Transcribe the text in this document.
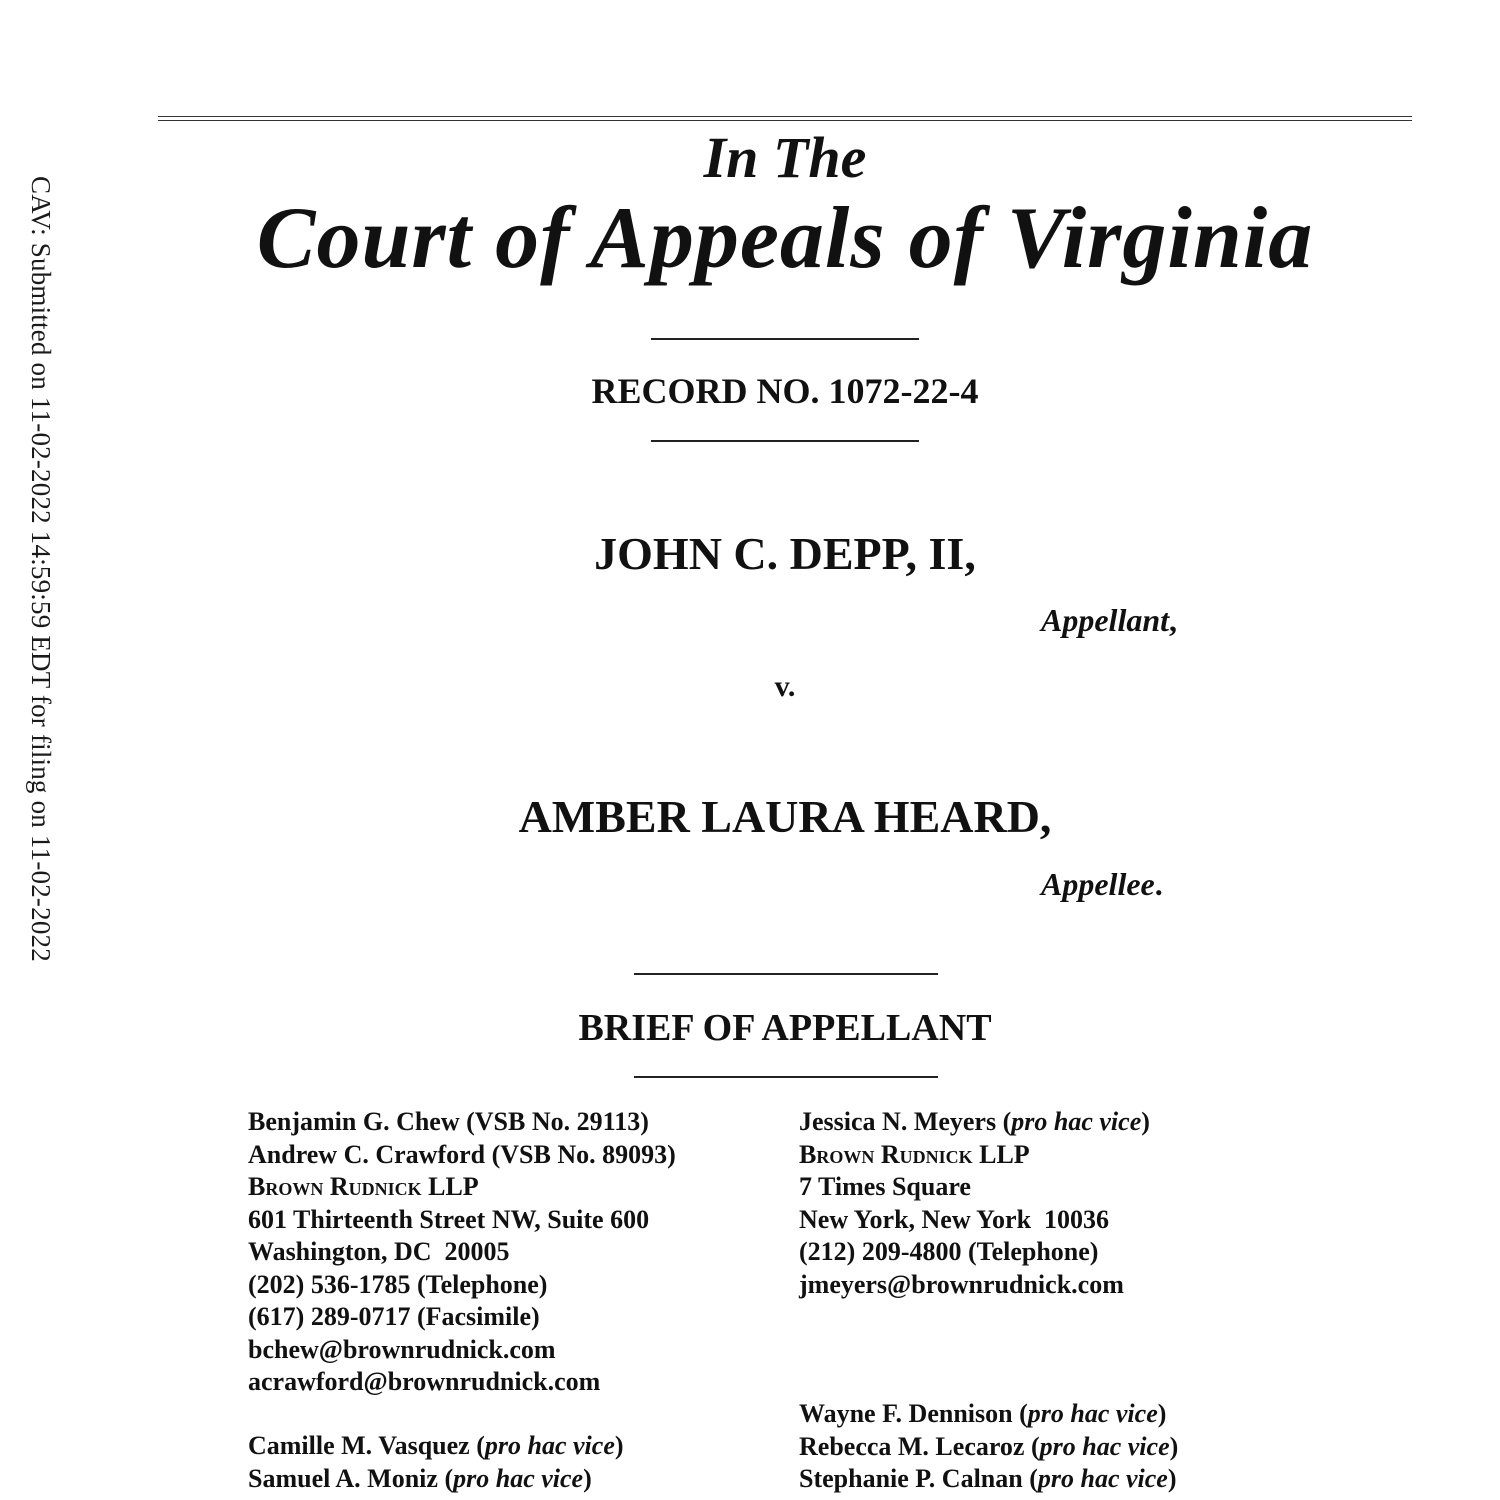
CAV: Submitted on 11-02-2022 14:59:59 EDT for filing on 11-02-2022
In The
Court of Appeals of Virginia
RECORD NO. 1072-22-4
JOHN C. DEPP, II,
Appellant,
v.
AMBER LAURA HEARD,
Appellee.
BRIEF OF APPELLANT
Benjamin G. Chew (VSB No. 29113)
Andrew C. Crawford (VSB No. 89093)
Brown Rudnick LLP
601 Thirteenth Street NW, Suite 600
Washington, DC  20005
(202) 536-1785 (Telephone)
(617) 289-0717 (Facsimile)
bchew@brownrudnick.com
acrawford@brownrudnick.com
Camille M. Vasquez (pro hac vice)
Samuel A. Moniz (pro hac vice)
Jessica N. Meyers (pro hac vice)
Brown Rudnick LLP
7 Times Square
New York, New York  10036
(212) 209-4800 (Telephone)
jmeyers@brownrudnick.com
Wayne F. Dennison (pro hac vice)
Rebecca M. Lecaroz (pro hac vice)
Stephanie P. Calnan (pro hac vice)
